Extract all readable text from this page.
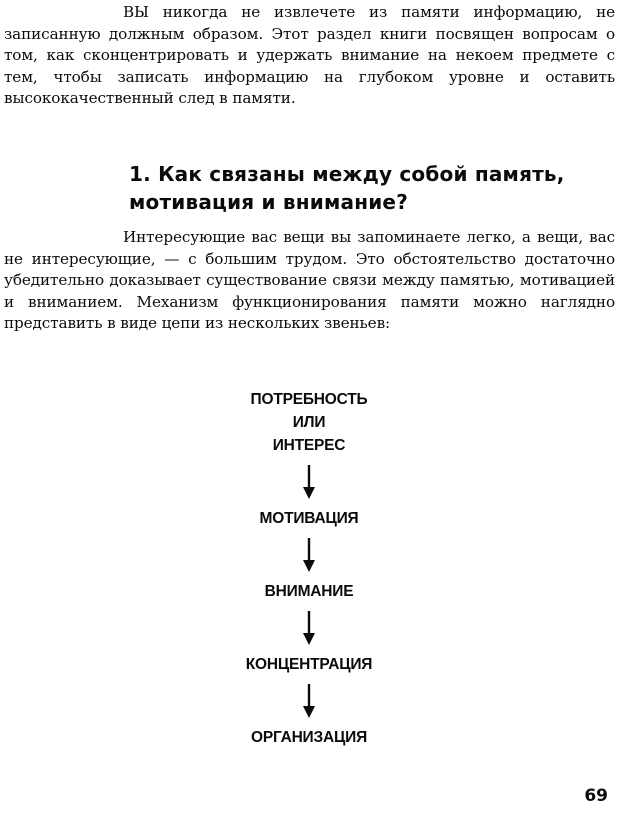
ВЫ никогда не извлечете из памяти информацию, не записанную должным образом. Этот раздел книги посвящен вопросам о том, как сконцентрировать и удержать внимание на некоем предмете с тем, чтобы записать информацию на глубоком уровне и оставить высококачественный след в памяти.

1. Как связаны между собой память,
мотивация и внимание?

Интересующие вас вещи вы запоминаете легко, а вещи, вас не интересующие, — с большим трудом. Это обстоятельство достаточно убедительно доказывает существование связи между памятью, мотивацией и вниманием. Механизм функционирования памяти можно наглядно представить в виде цепи из нескольких звеньев:

ПОТРЕБНОСТЬ
ИЛИ
ИНТЕРЕС
МОТИВАЦИЯ
ВНИМАНИЕ
КОНЦЕНТРАЦИЯ
ОРГАНИЗАЦИЯ
69
